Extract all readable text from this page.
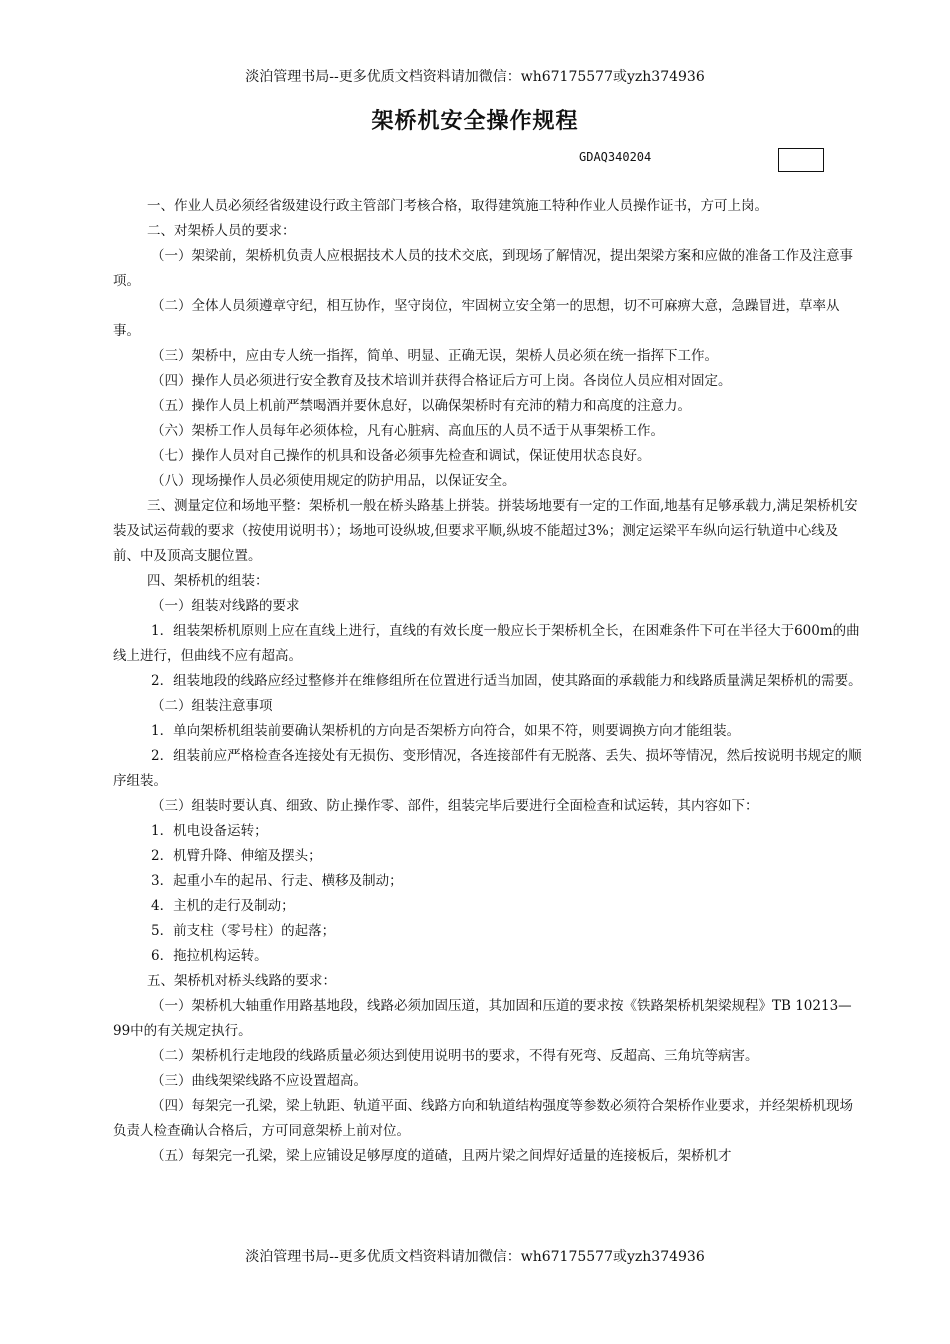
淡泊管理书局--更多优质文档资料请加微信：wh67175577或yzh374936
架桥机安全操作规程
GDAQ340204

一、作业人员必须经省级建设行政主管部门考核合格，取得建筑施工特种作业人员操作证书，方可上岗。

二、对架桥人员的要求：

（一）架梁前，架桥机负责人应根据技术人员的技术交底，到现场了解情况，提出架梁方案和应做的准备工作及注意事项。

（二）全体人员须遵章守纪，相互协作，坚守岗位，牢固树立安全第一的思想，切不可麻痹大意，急躁冒进，草率从事。

（三）架桥中，应由专人统一指挥，简单、明显、正确无误，架桥人员必须在统一指挥下工作。

（四）操作人员必须进行安全教育及技术培训并获得合格证后方可上岗。各岗位人员应相对固定。

（五）操作人员上机前严禁喝酒并要休息好，以确保架桥时有充沛的精力和高度的注意力。

（六）架桥工作人员每年必须体检，凡有心脏病、高血压的人员不适于从事架桥工作。

（七）操作人员对自己操作的机具和设备必须事先检查和调试，保证使用状态良好。

（八）现场操作人员必须使用规定的防护用品，以保证安全。

三、测量定位和场地平整：架桥机一般在桥头路基上拼装。拼装场地要有一定的工作面,地基有足够承载力,满足架桥机安装及试运荷载的要求（按使用说明书）；场地可设纵坡,但要求平顺,纵坡不能超过3%；测定运梁平车纵向运行轨道中心线及前、中及顶高支腿位置。

四、架桥机的组装：

（一）组装对线路的要求

1．组装架桥机原则上应在直线上进行，直线的有效长度一般应长于架桥机全长，在困难条件下可在半径大于600m的曲线上进行，但曲线不应有超高。

2．组装地段的线路应经过整修并在维修组所在位置进行适当加固，使其路面的承载能力和线路质量满足架桥机的需要。

（二）组装注意事项

1．单向架桥机组装前要确认架桥机的方向是否架桥方向符合，如果不符，则要调换方向才能组装。

2．组装前应严格检查各连接处有无损伤、变形情况，各连接部件有无脱落、丢失、损坏等情况，然后按说明书规定的顺序组装。

（三）组装时要认真、细致、防止操作零、部件，组装完毕后要进行全面检查和试运转，其内容如下：

1．机电设备运转；

2．机臂升降、伸缩及摆头；

3．起重小车的起吊、行走、横移及制动；

4．主机的走行及制动；

5．前支柱（零号柱）的起落；

6．拖拉机构运转。

五、架桥机对桥头线路的要求：

（一）架桥机大轴重作用路基地段，线路必须加固压道，其加固和压道的要求按《铁路架桥机架梁规程》TB 10213—99中的有关规定执行。

（二）架桥机行走地段的线路质量必须达到使用说明书的要求，不得有死弯、反超高、三角坑等病害。

（三）曲线架梁线路不应设置超高。

（四）每架完一孔梁，梁上轨距、轨道平面、线路方向和轨道结构强度等参数必须符合架桥作业要求，并经架桥机现场负责人检查确认合格后，方可同意架桥上前对位。

（五）每架完一孔梁，梁上应铺设足够厚度的道碴，且两片梁之间焊好适量的连接板后，架桥机才

淡泊管理书局--更多优质文档资料请加微信：wh67175577或yzh374936
